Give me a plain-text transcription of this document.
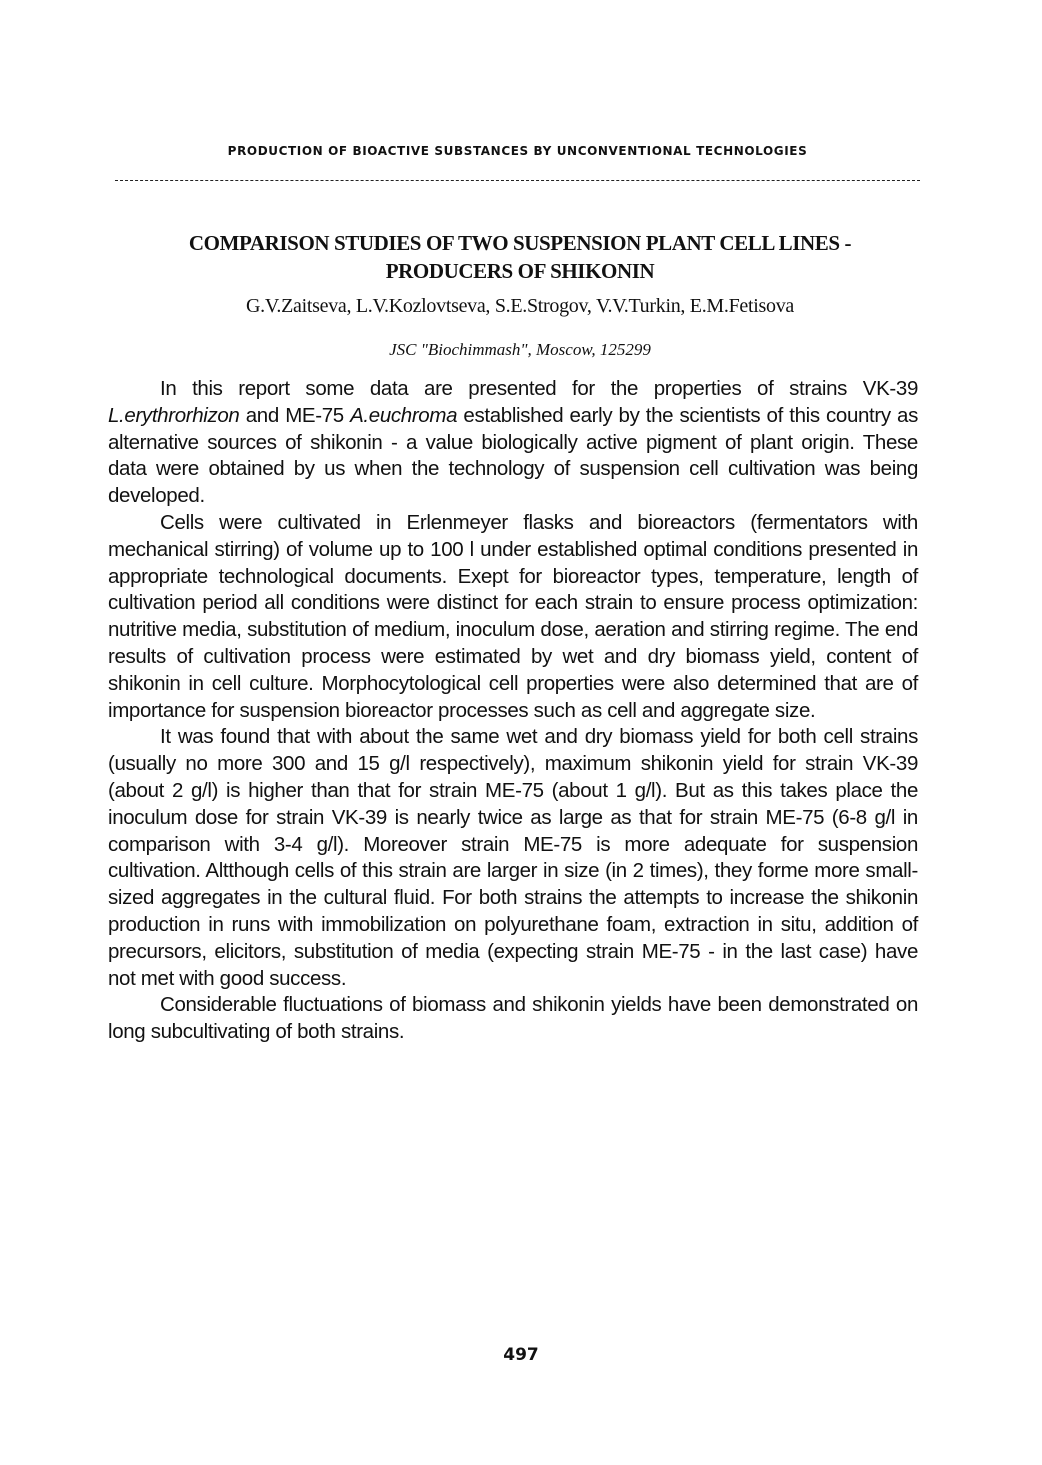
PRODUCTION OF BIOACTIVE SUBSTANCES BY UNCONVENTIONAL TECHNOLOGIES
COMPARISON STUDIES OF TWO SUSPENSION PLANT CELL LINES -
PRODUCERS OF SHIKONIN
G.V.Zaitseva, L.V.Kozlovtseva, S.E.Strogov, V.V.Turkin, E.M.Fetisova
JSC "Biochimmash", Moscow, 125299

In this report some data are presented for the properties of strains VK-39 L.erythrorhizon and ME-75 A.euchroma established early by the scientists of this country as alternative sources of shikonin - a value biologically active pigment of plant origin. These data were obtained by us when the technology of suspension cell cultivation was being developed.

Cells were cultivated in Erlenmeyer flasks and bioreactors (fermentators with mechanical stirring) of volume up to 100 l under established optimal conditions presented in appropriate technological documents. Exept for bioreactor types, temperature, length of cultivation period all conditions were distinct for each strain to ensure process optimization: nutritive media, substitution of medium, inoculum dose, aeration and stirring regime. The end results of cultivation process were estimated by wet and dry biomass yield, content of shikonin in cell culture. Morphocytological cell properties were also determined that are of importance for suspension bioreactor processes such as cell and aggregate size.

It was found that with about the same wet and dry biomass yield for both cell strains (usually no more 300 and 15 g/l respectively), maximum shikonin yield for strain VK-39 (about 2 g/l) is higher than that for strain ME-75 (about 1 g/l). But as this takes place the inoculum dose for strain VK-39 is nearly twice as large as that for strain ME-75 (6-8 g/l in comparison with 3-4 g/l). Moreover strain ME-75 is more adequate for suspension cultivation. Altthough cells of this strain are larger in size (in 2 times), they forme more small-sized aggregates in the cultural fluid. For both strains the attempts to increase the shikonin production in runs with immobilization on polyurethane foam, extraction in situ, addition of precursors, elicitors, substitution of media (expecting strain ME-75 - in the last case) have not met with good success.

Considerable fluctuations of biomass and shikonin yields have been demonstrated on long subcultivating of both strains.

497
